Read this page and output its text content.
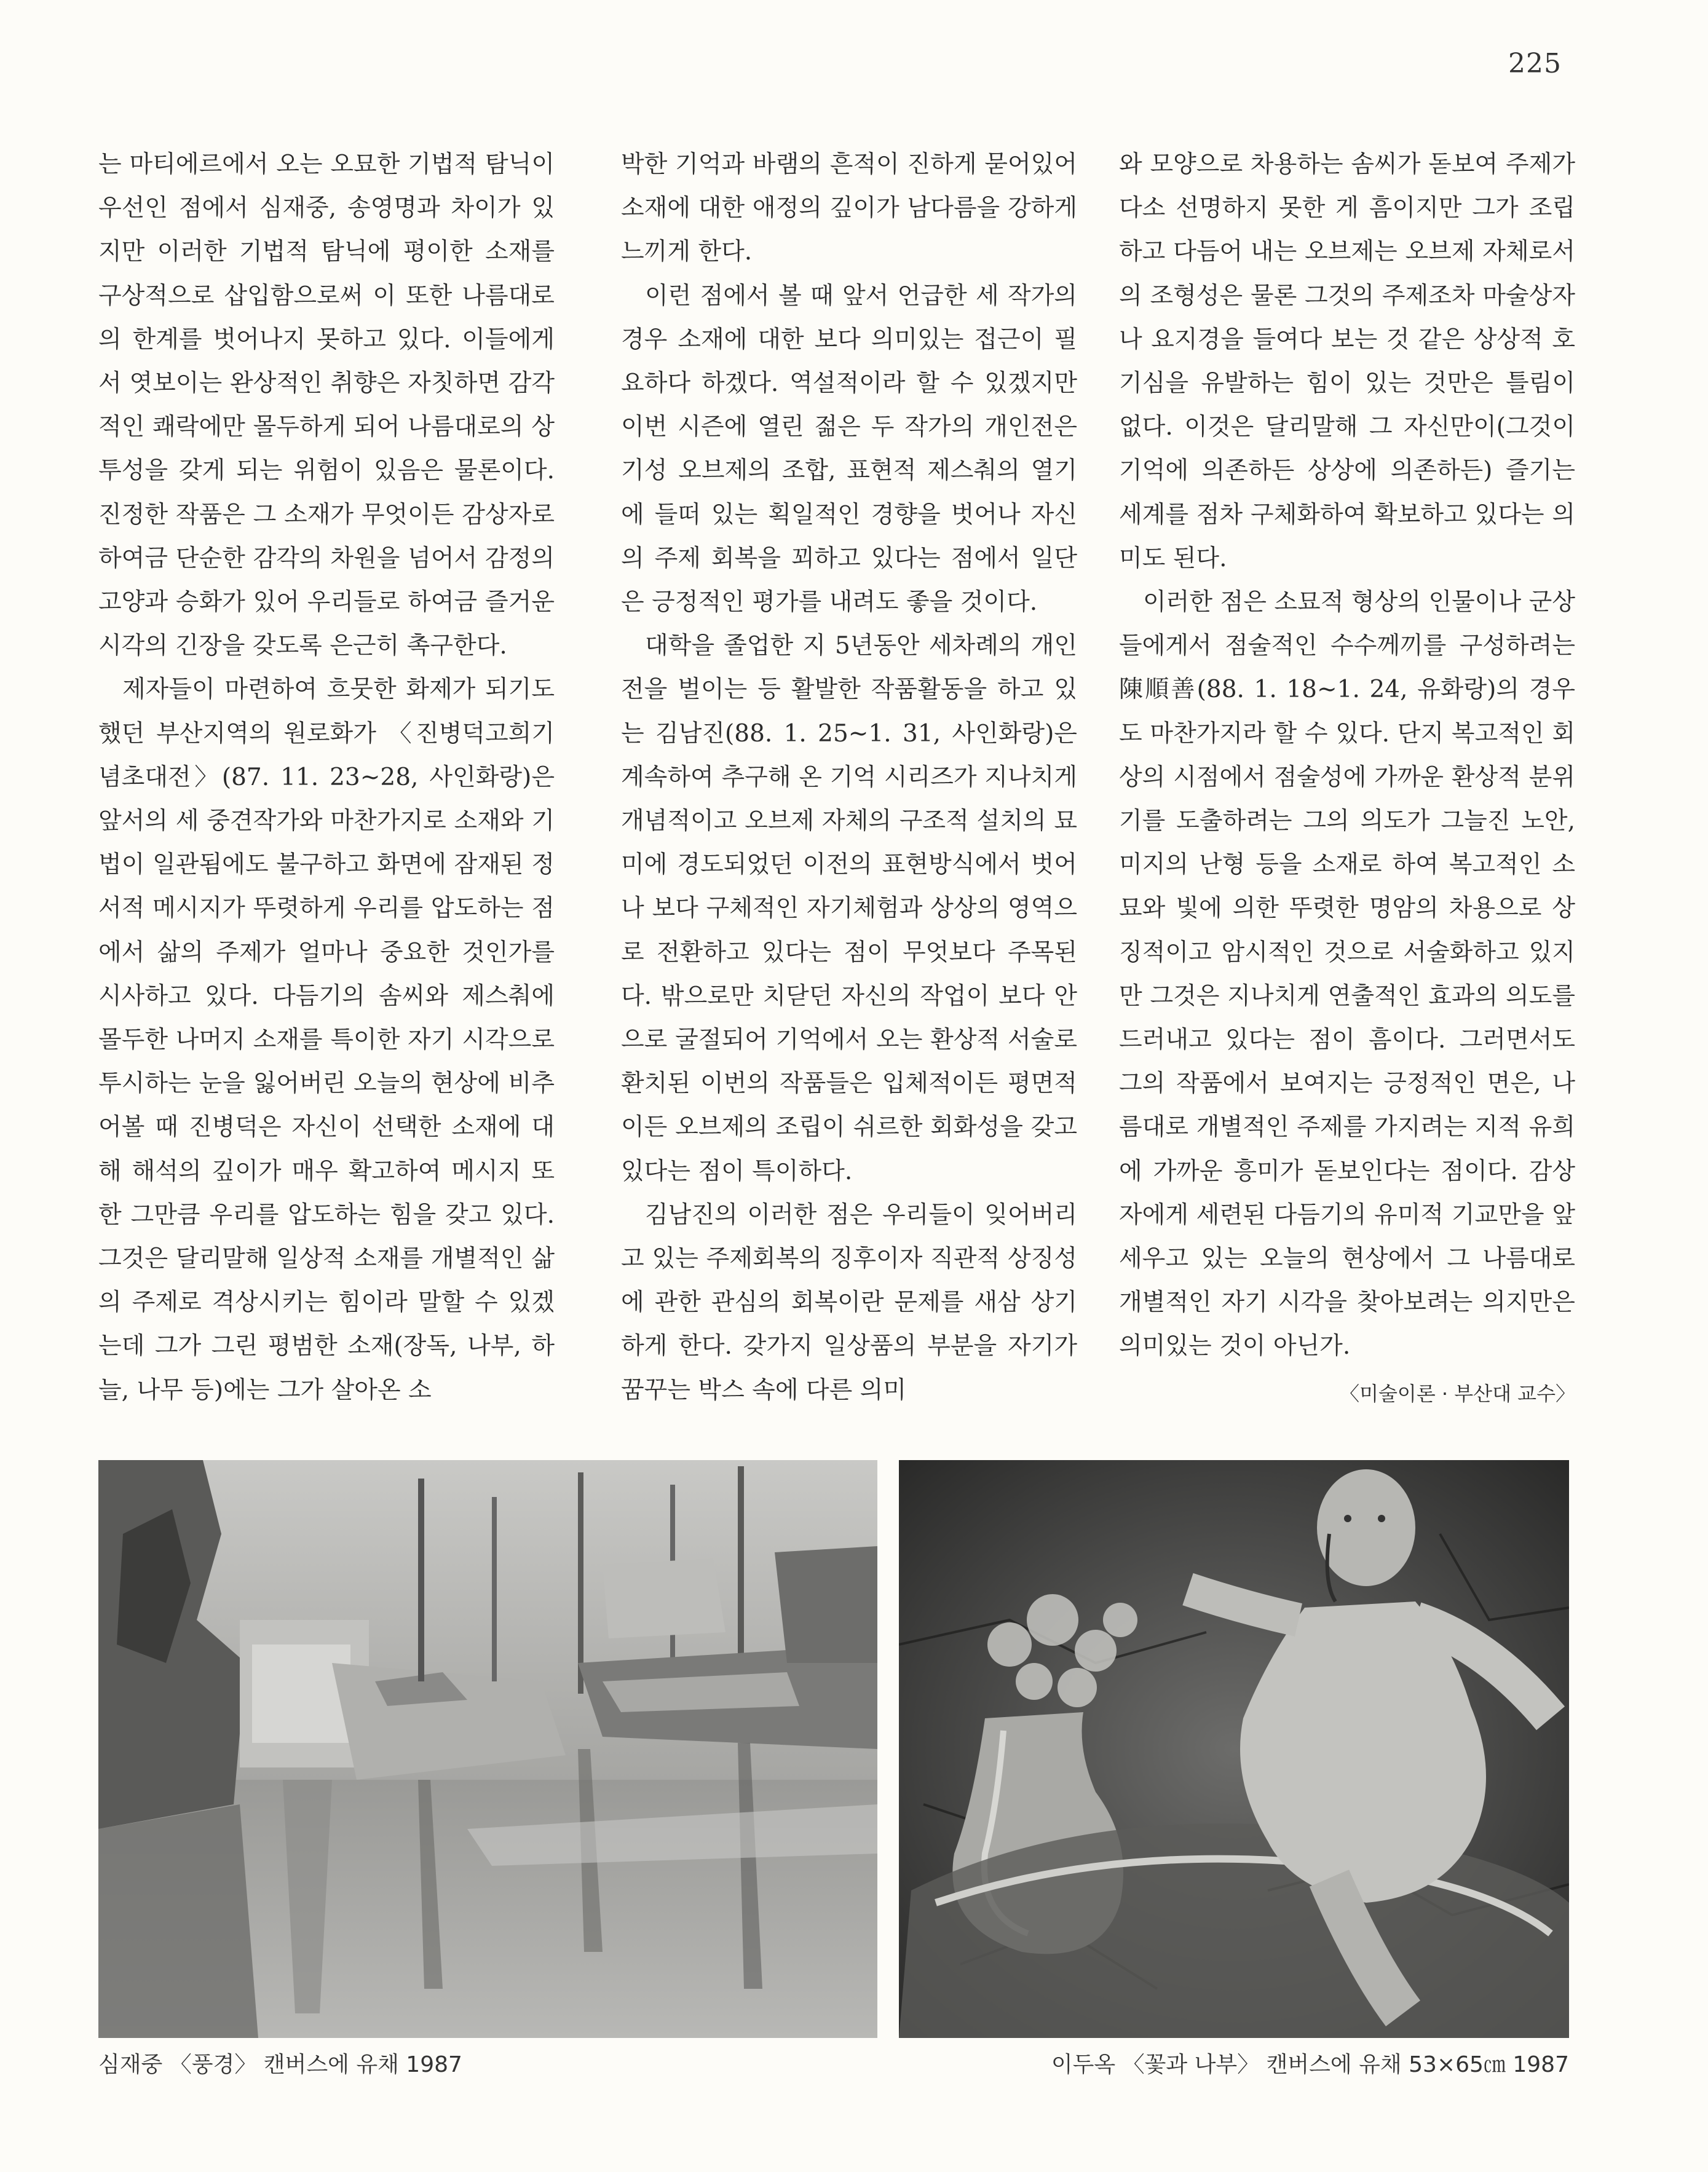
225

는 마티에르에서 오는 오묘한 기법적 탐닉이 우선인 점에서 심재중, 송영명과 차이가 있지만 이러한 기법적 탐닉에 평이한 소재를 구상적으로 삽입함으로써 이 또한 나름대로의 한계를 벗어나지 못하고 있다. 이들에게서 엿보이는 완상적인 취향은 자칫하면 감각적인 쾌락에만 몰두하게 되어 나름대로의 상투성을 갖게 되는 위험이 있음은 물론이다. 진정한 작품은 그 소재가 무엇이든 감상자로 하여금 단순한 감각의 차원을 넘어서 감정의 고양과 승화가 있어 우리들로 하여금 즐거운 시각의 긴장을 갖도록 은근히 촉구한다.

제자들이 마련하여 흐뭇한 화제가 되기도 했던 부산지역의 원로화가 〈진병덕고희기념초대전〉(87. 11. 23~28, 사인화랑)은 앞서의 세 중견작가와 마찬가지로 소재와 기법이 일관됨에도 불구하고 화면에 잠재된 정서적 메시지가 뚜렷하게 우리를 압도하는 점에서 삶의 주제가 얼마나 중요한 것인가를 시사하고 있다. 다듬기의 솜씨와 제스춰에 몰두한 나머지 소재를 특이한 자기 시각으로 투시하는 눈을 잃어버린 오늘의 현상에 비추어볼 때 진병덕은 자신이 선택한 소재에 대해 해석의 깊이가 매우 확고하여 메시지 또한 그만큼 우리를 압도하는 힘을 갖고 있다. 그것은 달리말해 일상적 소재를 개별적인 삶의 주제로 격상시키는 힘이라 말할 수 있겠는데 그가 그린 평범한 소재(장독, 나부, 하늘, 나무 등)에는 그가 살아온 소

박한 기억과 바램의 흔적이 진하게 묻어있어 소재에 대한 애정의 깊이가 남다름을 강하게 느끼게 한다.

이런 점에서 볼 때 앞서 언급한 세 작가의 경우 소재에 대한 보다 의미있는 접근이 필요하다 하겠다. 역설적이라 할 수 있겠지만 이번 시즌에 열린 젊은 두 작가의 개인전은 기성 오브제의 조합, 표현적 제스춰의 열기에 들떠 있는 획일적인 경향을 벗어나 자신의 주제 회복을 꾀하고 있다는 점에서 일단은 긍정적인 평가를 내려도 좋을 것이다.

대학을 졸업한 지 5년동안 세차례의 개인전을 벌이는 등 활발한 작품활동을 하고 있는 김남진(88. 1. 25~1. 31, 사인화랑)은 계속하여 추구해 온 기억 시리즈가 지나치게 개념적이고 오브제 자체의 구조적 설치의 묘미에 경도되었던 이전의 표현방식에서 벗어나 보다 구체적인 자기체험과 상상의 영역으로 전환하고 있다는 점이 무엇보다 주목된다. 밖으로만 치닫던 자신의 작업이 보다 안으로 굴절되어 기억에서 오는 환상적 서술로 환치된 이번의 작품들은 입체적이든 평면적이든 오브제의 조립이 쉬르한 회화성을 갖고 있다는 점이 특이하다.

김남진의 이러한 점은 우리들이 잊어버리고 있는 주제회복의 징후이자 직관적 상징성에 관한 관심의 회복이란 문제를 새삼 상기하게 한다. 갖가지 일상품의 부분을 자기가 꿈꾸는 박스 속에 다른 의미

와 모양으로 차용하는 솜씨가 돋보여 주제가 다소 선명하지 못한 게 흠이지만 그가 조립하고 다듬어 내는 오브제는 오브제 자체로서의 조형성은 물론 그것의 주제조차 마술상자나 요지경을 들여다 보는 것 같은 상상적 호기심을 유발하는 힘이 있는 것만은 틀림이 없다. 이것은 달리말해 그 자신만이(그것이 기억에 의존하든 상상에 의존하든) 즐기는 세계를 점차 구체화하여 확보하고 있다는 의미도 된다.

이러한 점은 소묘적 형상의 인물이나 군상들에게서 점술적인 수수께끼를 구성하려는 陳順善(88. 1. 18~1. 24, 유화랑)의 경우도 마찬가지라 할 수 있다. 단지 복고적인 회상의 시점에서 점술성에 가까운 환상적 분위기를 도출하려는 그의 의도가 그늘진 노안, 미지의 난형 등을 소재로 하여 복고적인 소묘와 빛에 의한 뚜렷한 명암의 차용으로 상징적이고 암시적인 것으로 서술화하고 있지만 그것은 지나치게 연출적인 효과의 의도를 드러내고 있다는 점이 흠이다. 그러면서도 그의 작품에서 보여지는 긍정적인 면은, 나름대로 개별적인 주제를 가지려는 지적 유희에 가까운 흥미가 돋보인다는 점이다. 감상자에게 세련된 다듬기의 유미적 기교만을 앞세우고 있는 오늘의 현상에서 그 나름대로 개별적인 자기 시각을 찾아보려는 의지만은 의미있는 것이 아닌가.

〈미술이론 · 부산대 교수〉
심재중 〈풍경〉 캔버스에 유채 1987	이두옥 〈꽃과 나부〉 캔버스에 유채 53×65㎝ 1987
